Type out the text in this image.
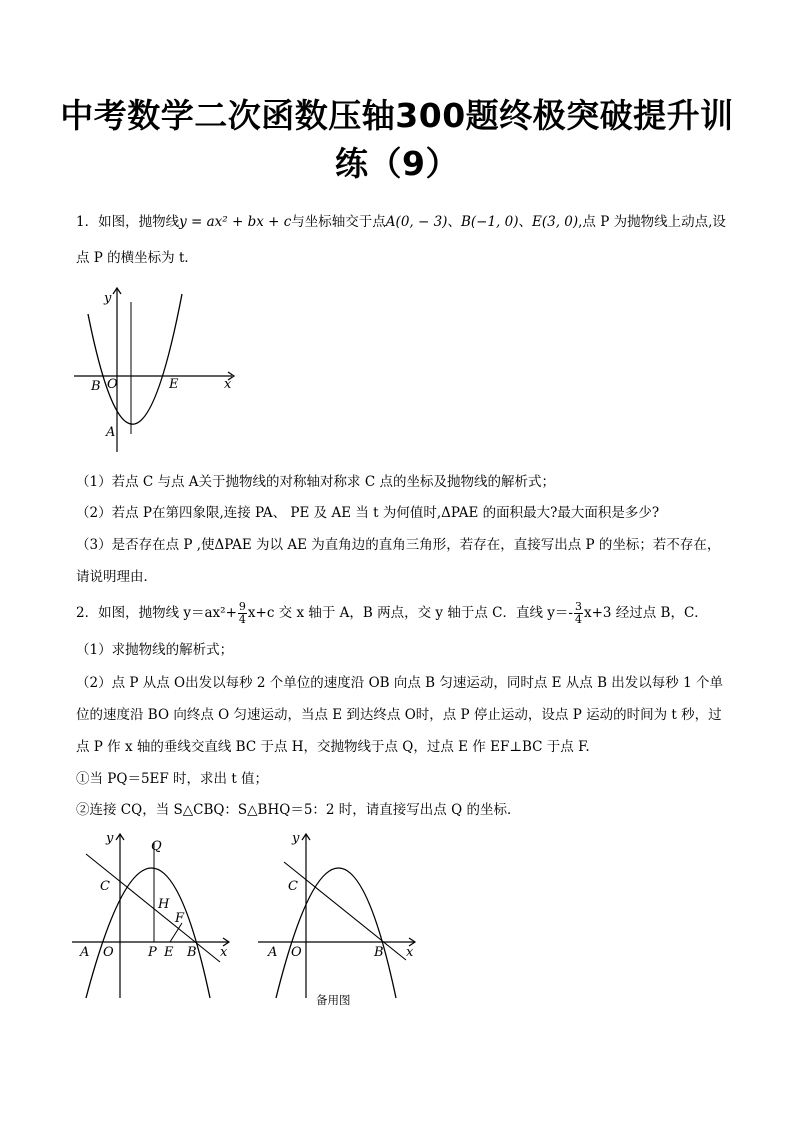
中考数学二次函数压轴300题终极突破提升训
练（9）
1．如图，抛物线y = ax² + bx + c与坐标轴交于点A(0, − 3)、B(−1, 0)、E(3, 0),点 P 为抛物线上动点,设
点 P 的横坐标为 t．
y
x
B O	E
A
（1）若点 C 与点 A关于抛物线的对称轴对称求 C 点的坐标及抛物线的解析式；
（2）若点 P在第四象限,连接 PA、 PE 及 AE 当 t 为何值时,ΔPAE 的面积最大?最大面积是多少?
（3）是否存在点 P ,使ΔPAE 为以 AE 为直角边的直角三角形，若存在，直接写出点 P 的坐标；若不存在，
请说明理由．
2．如图，抛物线 $y=ax^2+ \frac{9}{4} x+c$ 交 x 轴于 A，B 两点，交 y 轴于点 C．直线 $y=- \frac{3}{4} x+3$ 经过点 B，C．
（1）求抛物线的解析式；
（2）点 P 从点 O出发以每秒 2 个单位的速度沿 OB 向点 B 匀速运动，同时点 E 从点 B 出发以每秒 1 个单
位的速度沿 BO 向终点 O 匀速运动，当点 E 到达终点 O时，点 P 停止运动，设点 P 运动的时间为 t 秒，过
点 P 作 x 轴的垂线交直线 BC 于点 H，交抛物线于点 Q，过点 E 作 EF⊥BC 于点 F.
①当 PQ＝5EF 时，求出 t 值；
②连接 CQ，当 S△CBQ：S△BHQ＝5：2 时，请直接写出点 Q 的坐标．
y
Q
C
H
F
A O	P E B x
y
C
A O	B x
备用图
